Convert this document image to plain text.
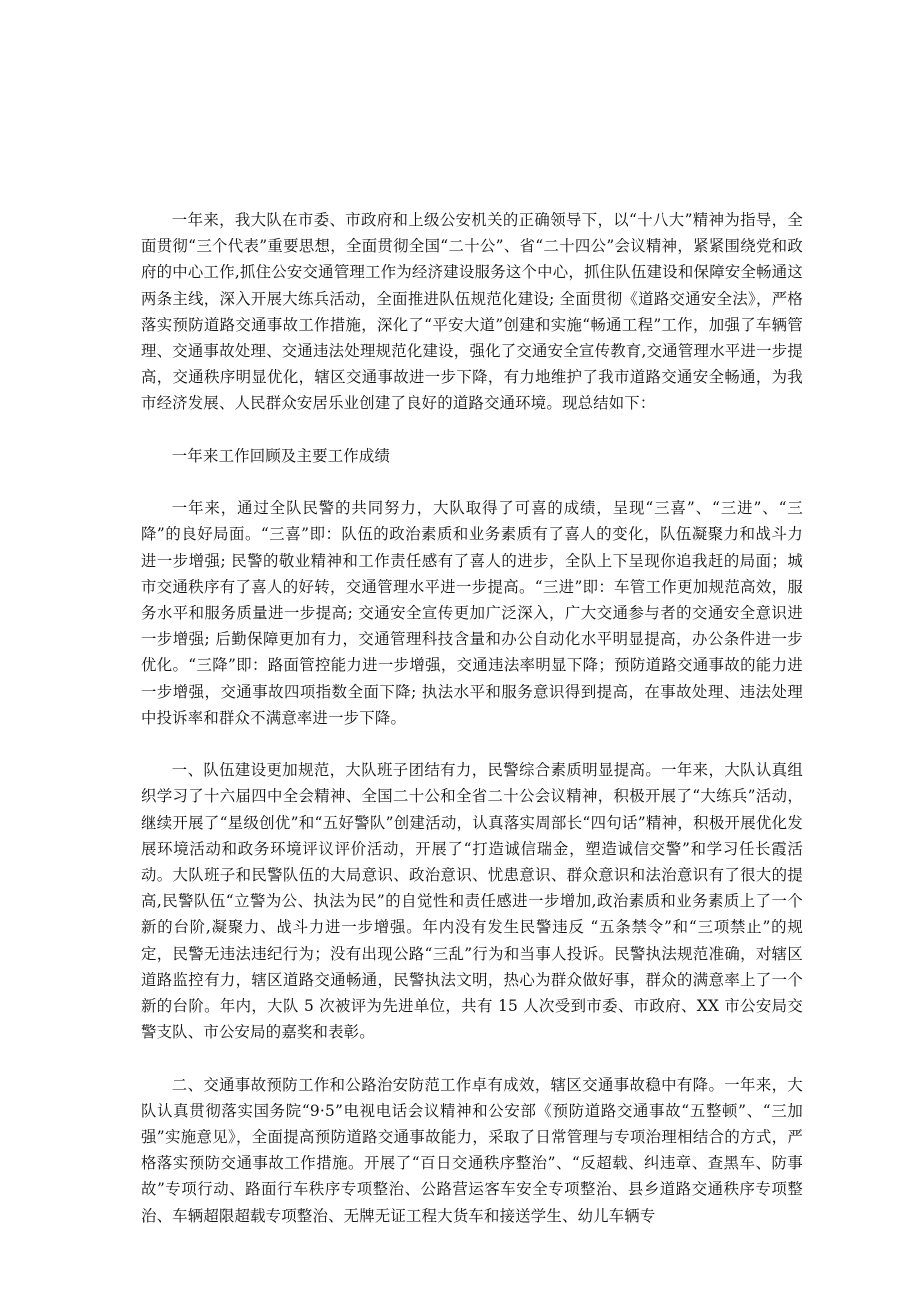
一年来，我大队在市委、市政府和上级公安机关的正确领导下，以“十八大”精神为指导，全面贯彻“三个代表”重要思想，全面贯彻全国“二十公”、省“二十四公”会议精神，紧紧围绕党和政府的中心工作,抓住公安交通管理工作为经济建设服务这个中心，抓住队伍建设和保障安全畅通这两条主线，深入开展大练兵活动，全面推进队伍规范化建设; 全面贯彻《道路交通安全法》，严格落实预防道路交通事故工作措施，深化了“平安大道”创建和实施“畅通工程”工作，加强了车辆管理、交通事故处理、交通违法处理规范化建设，强化了交通安全宣传教育,交通管理水平进一步提高，交通秩序明显优化，辖区交通事故进一步下降，有力地维护了我市道路交通安全畅通，为我市经济发展、人民群众安居乐业创建了良好的道路交通环境。现总结如下：

一年来工作回顾及主要工作成绩

一年来，通过全队民警的共同努力，大队取得了可喜的成绩，呈现“三喜”、“三进”、“三降”的良好局面。“三喜”即：队伍的政治素质和业务素质有了喜人的变化，队伍凝聚力和战斗力进一步增强; 民警的敬业精神和工作责任感有了喜人的进步，全队上下呈现你追我赶的局面；城市交通秩序有了喜人的好转，交通管理水平进一步提高。“三进”即：车管工作更加规范高效，服务水平和服务质量进一步提高; 交通安全宣传更加广泛深入，广大交通参与者的交通安全意识进一步增强; 后勤保障更加有力，交通管理科技含量和办公自动化水平明显提高，办公条件进一步优化。“三降”即：路面管控能力进一步增强，交通违法率明显下降；预防道路交通事故的能力进一步增强，交通事故四项指数全面下降; 执法水平和服务意识得到提高，在事故处理、违法处理中投诉率和群众不满意率进一步下降。

一、队伍建设更加规范，大队班子团结有力，民警综合素质明显提高。一年来，大队认真组织学习了十六届四中全会精神、全国二十公和全省二十公会议精神，积极开展了“大练兵”活动，继续开展了“星级创优”和“五好警队”创建活动，认真落实周部长“四句话”精神，积极开展优化发展环境活动和政务环境评议评价活动，开展了“打造诚信瑞金，塑造诚信交警”和学习任长霞活动。大队班子和民警队伍的大局意识、政治意识、忧患意识、群众意识和法治意识有了很大的提高,民警队伍“立警为公、执法为民”的自觉性和责任感进一步增加,政治素质和业务素质上了一个新的台阶,凝聚力、战斗力进一步增强。年内没有发生民警违反 “五条禁令”和“三项禁止”的规定，民警无违法违纪行为；没有出现公路“三乱”行为和当事人投诉。民警执法规范准确，对辖区道路监控有力，辖区道路交通畅通，民警执法文明，热心为群众做好事，群众的满意率上了一个新的台阶。年内，大队 5 次被评为先进单位，共有 15 人次受到市委、市政府、XX 市公安局交警支队、市公安局的嘉奖和表彰。

二、交通事故预防工作和公路治安防范工作卓有成效，辖区交通事故稳中有降。一年来，大队认真贯彻落实国务院“9·5”电视电话会议精神和公安部《预防道路交通事故“五整顿”、“三加强”实施意见》，全面提高预防道路交通事故能力，采取了日常管理与专项治理相结合的方式，严格落实预防交通事故工作措施。开展了“百日交通秩序整治”、“反超载、纠违章、查黑车、防事故”专项行动、路面行车秩序专项整治、公路营运客车安全专项整治、县乡道路交通秩序专项整治、车辆超限超载专项整治、无牌无证工程大货车和接送学生、幼儿车辆专
